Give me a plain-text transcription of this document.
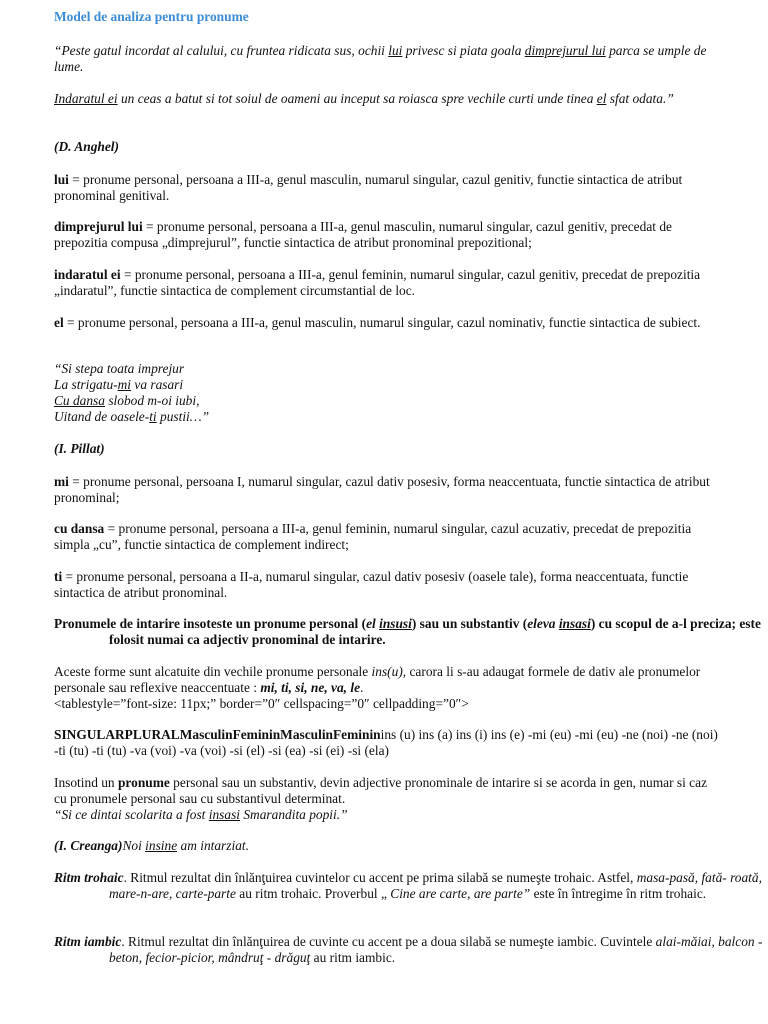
Model de analiza pentru pronume

“Peste gatul incordat al calului, cu fruntea ridicata sus, ochii lui privesc si piata goala dimprejurul lui parca se umple de lume.

Indaratul ei un ceas a batut si tot soiul de oameni au inceput sa roiasca spre vechile curti unde tinea el sfat odata.”

(D. Anghel)

lui = pronume personal, persoana a III-a, genul masculin, numarul singular, cazul genitiv, functie sintactica de atribut pronominal genitival.

dimprejurul lui = pronume personal, persoana a III-a, genul masculin, numarul singular, cazul genitiv, precedat de prepozitia compusa „dimprejurul”, functie sintactica de atribut pronominal prepozitional;

indaratul ei = pronume personal, persoana a III-a, genul feminin, numarul singular, cazul genitiv, precedat de prepozitia „indaratul”, functie sintactica de complement circumstantial de loc.

el = pronume personal, persoana a III-a, genul masculin, numarul singular, cazul nominativ, functie sintactica de subiect.

“Si stepa toata imprejur
La strigatu-mi va rasari
Cu dansa slobod m-oi iubi,
Uitand de oasele-ti pustii…”

(I. Pillat)

mi = pronume personal, persoana I, numarul singular, cazul dativ posesiv, forma neaccentuata, functie sintactica de atribut pronominal;

cu dansa = pronume personal, persoana a III-a, genul feminin, numarul singular, cazul acuzativ, precedat de prepozitia simpla „cu”, functie sintactica de complement indirect;

ti = pronume personal, persoana a II-a, numarul singular, cazul dativ posesiv (oasele tale), forma neaccentuata, functie sintactica de atribut pronominal.

Pronumele de intarire insoteste un pronume personal (el insusi) sau un substantiv (eleva insasi) cu scopul de a-l preciza; este folosit numai ca adjectiv pronominal de intarire.

Aceste forme sunt alcatuite din vechile pronume personale ins(u), carora li s-au adaugat formele de dativ ale pronumelor personale sau reflexive neaccentuate : mi, ti, si, ne, va, le.
<tablestyle=”font-size: 11px;” border=”0″ cellspacing=”0″ cellpadding=”0″>

SINGULARPLURALMasculinFemininMasculinFemininins (u) ins (a) ins (i) ins (e) -mi (eu) -mi (eu) -ne (noi) -ne (noi) -ti (tu) -ti (tu) -va (voi) -va (voi) -si (el) -si (ea) -si (ei) -si (ela)

Insotind un pronume personal sau un substantiv, devin adjective pronominale de intarire si se acorda in gen, numar si caz cu pronumele personal sau cu substantivul determinat.
“Si ce dintai scolarita a fost insasi Smarandita popii.”

(I. Creanga)Noi insine am intarziat.

Ritm trohaic. Ritmul rezultat din înlănţuirea cuvintelor cu accent pe prima silabă se numeşte trohaic. Astfel, masa-pasă, fată- roată, mare-n-are, carte-parte au ritm trohaic. Proverbul „ Cine are carte, are parte” este în întregime în ritm trohaic.

Ritm iambic. Ritmul rezultat din înlănţuirea de cuvinte cu accent pe a doua silabă se numeşte iambic. Cuvintele alai-măiai, balcon - beton, fecior-picior, mândruţ - drăguţ au ritm iambic.
